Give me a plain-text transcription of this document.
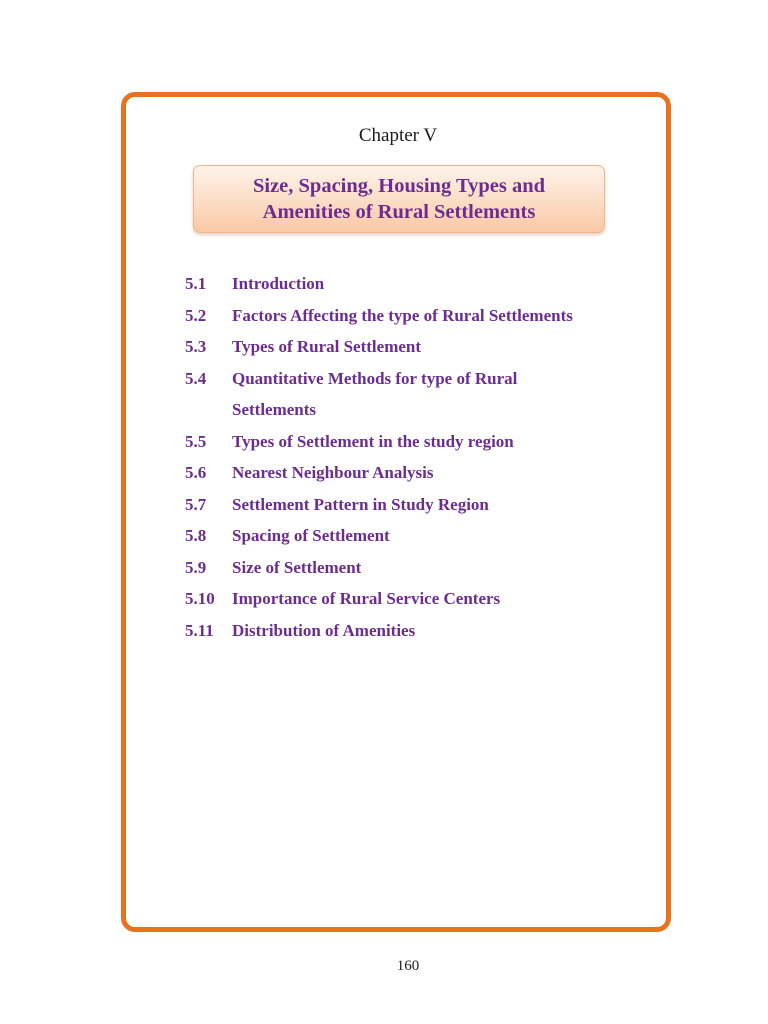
Chapter V
Size, Spacing, Housing Types and
Amenities of Rural Settlements
5.1 Introduction
5.2 Factors Affecting the type of Rural Settlements
5.3 Types of Rural Settlement
5.4 Quantitative Methods for type of Rural
Settlements
5.5 Types of Settlement in the study region
5.6 Nearest Neighbour Analysis
5.7 Settlement Pattern in Study Region
5.8 Spacing of Settlement
5.9 Size of Settlement
5.10 Importance of Rural Service Centers
5.11 Distribution of Amenities
160
